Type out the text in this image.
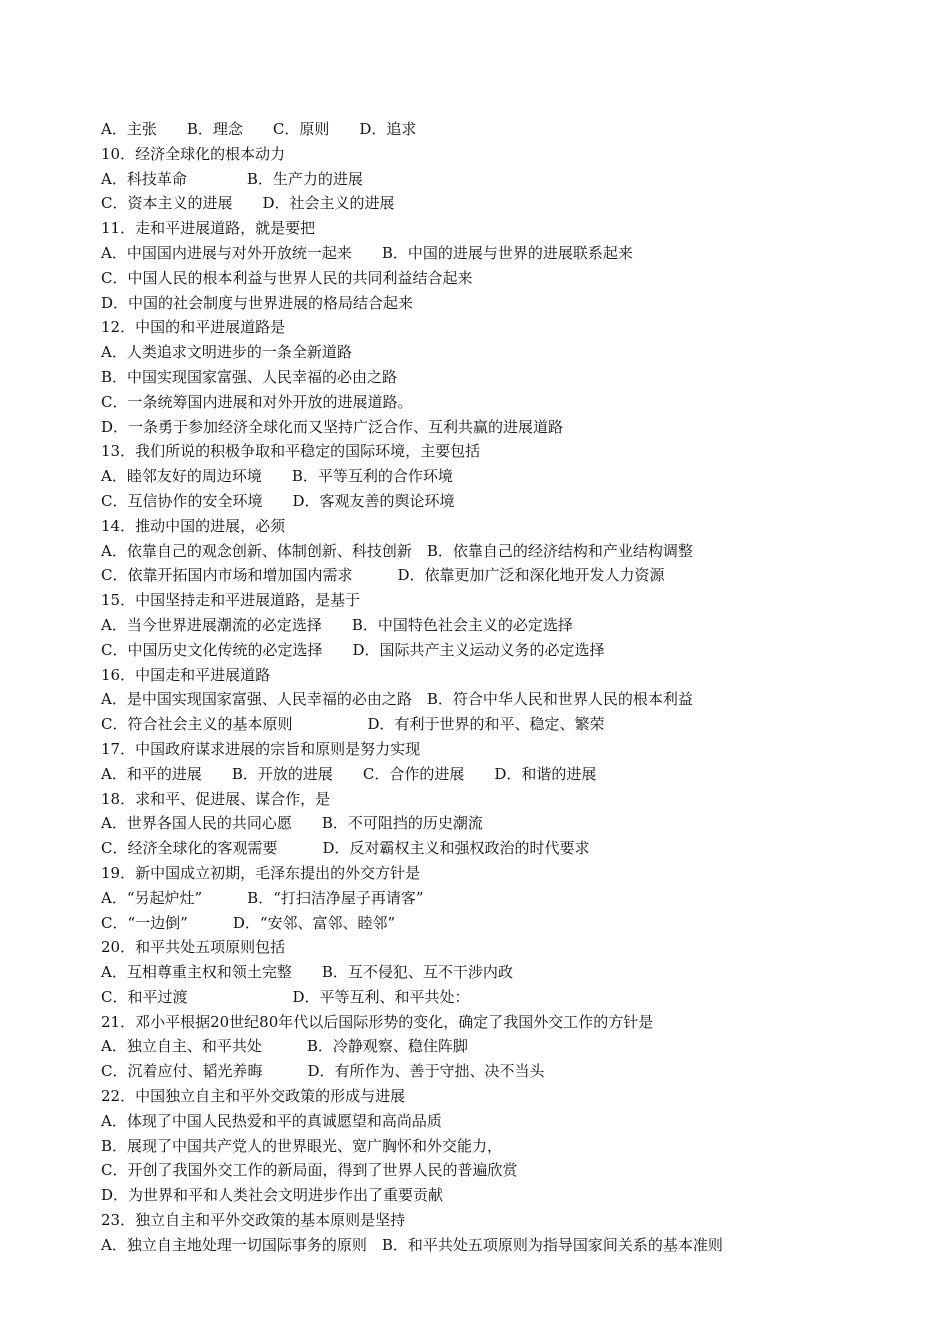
A．主张　　B．理念　　C．原则　　D．追求
10．经济全球化的根本动力
A．科技革命　　　　B．生产力的进展
C．资本主义的进展　　D．社会主义的进展
11．走和平进展道路，就是要把
A．中国国内进展与对外开放统一起来　　B．中国的进展与世界的进展联系起来
C．中国人民的根本利益与世界人民的共同利益结合起来
D．中国的社会制度与世界进展的格局结合起来
12．中国的和平进展道路是
A．人类追求文明进步的一条全新道路
B．中国实现国家富强、人民幸福的必由之路
C．一条统筹国内进展和对外开放的进展道路。
D．一条勇于参加经济全球化而又坚持广泛合作、互利共赢的进展道路
13．我们所说的积极争取和平稳定的国际环境，主要包括
A．睦邻友好的周边环境　　B．平等互利的合作环境
C．互信协作的安全环境　　D．客观友善的舆论环境
14．推动中国的进展，必须
A．依靠自己的观念创新、体制创新、科技创新　B．依靠自己的经济结构和产业结构调整
C．依靠开拓国内市场和增加国内需求　　　D．依靠更加广泛和深化地开发人力资源
15．中国坚持走和平进展道路，是基于
A．当今世界进展潮流的必定选择　　B．中国特色社会主义的必定选择
C．中国历史文化传统的必定选择　　D．国际共产主义运动义务的必定选择
16．中国走和平进展道路
A．是中国实现国家富强、人民幸福的必由之路　B．符合中华人民和世界人民的根本利益
C．符合社会主义的基本原则　　　　　D．有利于世界的和平、稳定、繁荣
17．中国政府谋求进展的宗旨和原则是努力实现
A．和平的进展　　B．开放的进展　　C．合作的进展　　D．和谐的进展
18．求和平、促进展、谋合作，是
A．世界各国人民的共同心愿　　B．不可阻挡的历史潮流
C．经济全球化的客观需要　　　D．反对霸权主义和强权政治的时代要求
19．新中国成立初期，毛泽东提出的外交方针是
A．“另起炉灶”　　　B．“打扫洁净屋子再请客”
C．“一边倒”　　　D．“安邻、富邻、睦邻”
20．和平共处五项原则包括
A．互相尊重主权和领土完整　　B．互不侵犯、互不干涉内政
C．和平过渡　　　　　　　D．平等互利、和平共处：
21．邓小平根据20世纪80年代以后国际形势的变化，确定了我国外交工作的方针是
A．独立自主、和平共处　　　B．冷静观察、稳住阵脚
C．沉着应付、韬光养晦　　　D．有所作为、善于守拙、决不当头
22．中国独立自主和平外交政策的形成与进展
A．体现了中国人民热爱和平的真诚愿望和高尚品质
B．展现了中国共产党人的世界眼光、宽广胸怀和外交能力，
C．开创了我国外交工作的新局面，得到了世界人民的普遍欣赏
D．为世界和平和人类社会文明进步作出了重要贡献
23．独立自主和平外交政策的基本原则是坚持
A．独立自主地处理一切国际事务的原则　B．和平共处五项原则为指导国家间关系的基本准则
